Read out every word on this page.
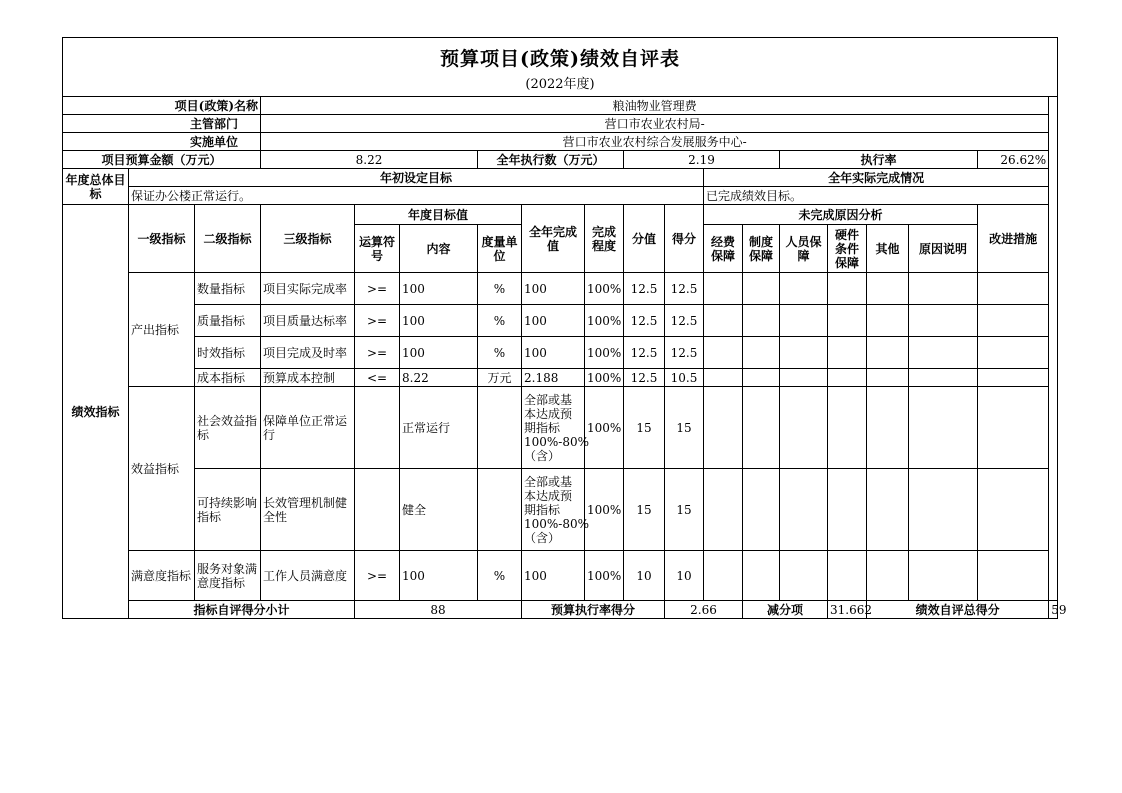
预算项目(政策)绩效自评表
(2022年度)
项目(政策)名称			粮油物业管理费															
主管部门			营口市农业农村局-															
实施单位			营口市农业农村综合发展服务中心-															
项目预算金额（万元）			8.22			全年执行数（万元）			2.19				执行率				26.62%	
年度总体目标	年初设定目标										全年实际完成情况							
	保证办公楼正常运行。										已完成绩效目标。							
绩效指标	一级指标	二级指标	三级指标	年度目标值			全年完成值	完成程度	分值	得分	未完成原因分析						改进措施	
				运算符号	内容	度量单位					经费保障	制度保障	人员保障	硬件条件保障	其他	原因说明		

	产出指标	数量指标	项目实际完成率	>=	100	%	100	100%	12.5	12.5								
		质量指标	项目质量达标率	>=	100	%	100	100%	12.5	12.5								
		时效指标	项目完成及时率	>=	100	%	100	100%	12.5	12.5								
		成本指标	预算成本控制	<=	8.22	万元	2.188	100%	12.5	10.5								
	效益指标	社会效益指标	保障单位正常运行		正常运行		全部或基本达成预期指标100%-80%（含）	100%	15	15								
		可持续影响指标	长效管理机制健全性		健全		全部或基本达成预期指标100%-80%（含）	100%	15	15								
	满意度指标	服务对象满意度指标	工作人员满意度	>=	100	%	100	100%	10	10								
	指标自评得分小计			88			预算执行率得分			2.66		减分项		31.662	绩效自评总得分			59
